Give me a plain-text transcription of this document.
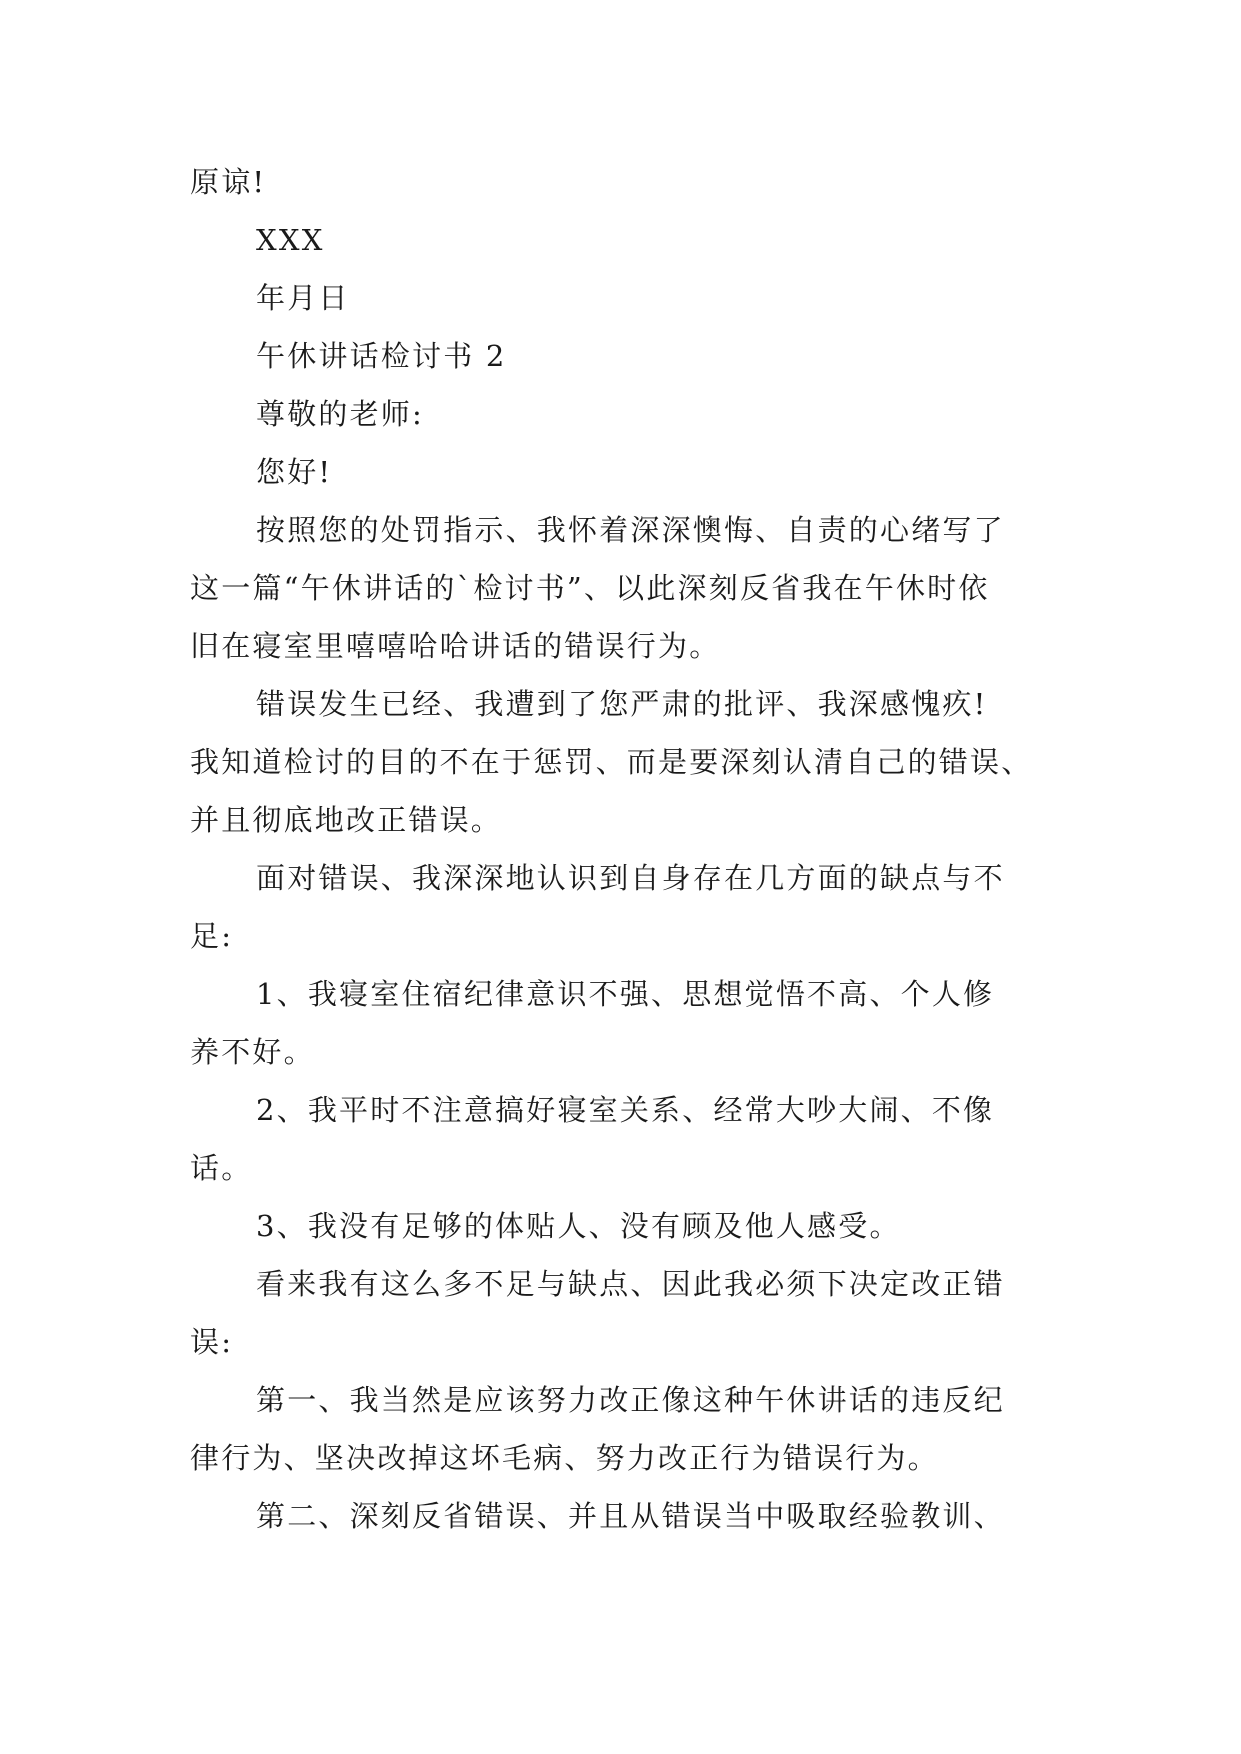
原谅!
XXX
年月日
午休讲话检讨书 2
尊敬的老师:
您好!
按照您的处罚指示、我怀着深深懊悔、自责的心绪写了
这一篇“午休讲话的`检讨书”、以此深刻反省我在午休时依
旧在寝室里嘻嘻哈哈讲话的错误行为。
错误发生已经、我遭到了您严肃的批评、我深感愧疚!
我知道检讨的目的不在于惩罚、而是要深刻认清自己的错误、
并且彻底地改正错误。
面对错误、我深深地认识到自身存在几方面的缺点与不
足:
1、我寝室住宿纪律意识不强、思想觉悟不高、个人修
养不好。
2、我平时不注意搞好寝室关系、经常大吵大闹、不像
话。
3、我没有足够的体贴人、没有顾及他人感受。
看来我有这么多不足与缺点、因此我必须下决定改正错
误:
第一、我当然是应该努力改正像这种午休讲话的违反纪
律行为、坚决改掉这坏毛病、努力改正行为错误行为。
第二、深刻反省错误、并且从错误当中吸取经验教训、
